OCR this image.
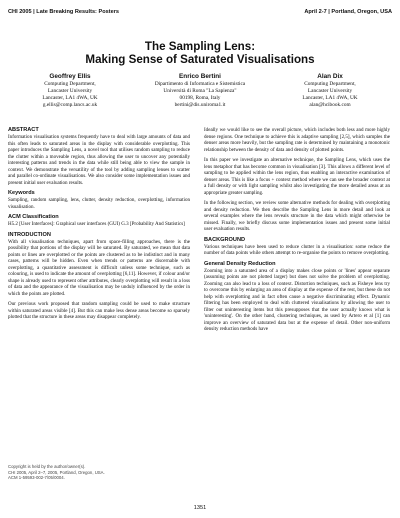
CHI 2005 | Late Breaking Results: Posters	April 2-7 | Portland, Oregon, USA
The Sampling Lens:
Making Sense of Saturated Visualisations
Geoffrey Ellis
Computing Department,
Lancaster University
Lancaster, LA1 4WA, UK
g.ellis@comp.lancs.ac.uk
Enrico Bertini
Dipartimento di Informatica e Sistemistica
Università di Roma "La Sapienza"
00198, Roma, Italy
bertini@dis.uniroma1.it
Alan Dix
Computing Department,
Lancaster University
Lancaster, LA1 4WA, UK
alan@hcibook.com
ABSTRACT
Information visualisation systems frequently have to deal with large amounts of data and this often leads to saturated areas in the display with considerable overplotting. This paper introduces the Sampling Lens, a novel tool that utilises random sampling to reduce the clutter within a moveable region, thus allowing the user to uncover any potentially interesting patterns and trends in the data while still being able to view the sample in context. We demonstrate the versatility of the tool by adding sampling lenses to scatter and parallel co-ordinate visualisations. We also consider some implementation issues and present initial user evaluation results.
Keywords
Sampling, random sampling, lens, clutter, density reduction, overplotting, information visualisation.
ACM Classification
H5.2 [User Interfaces]: Graphical user interfaces (GUI) G.3 [Probability And Statistics]
INTRODUCTION
With all visualisation techniques, apart from space-filling approaches, there is the possibility that portions of the display will be saturated. By saturated, we mean that data points or lines are overplotted or the points are clustered as to be indistinct and in many cases, patterns will be hidden. Even when trends or patterns are discernable with overplotting, a quantitative assessment is difficult unless some technique, such as colouring, is used to indicate the amount of overplotting [6,11]. However, if colour and/or shape is already used to represent other attributes, clearly overplotting will result in a loss of data and the appearance of the visualisation may be unduly influenced by the order in which the points are plotted.
Our previous work proposed that random sampling could be used to make structure within saturated areas visible [4]. But this can make less dense areas become so sparsely plotted that the structure in these areas may disappear completely.
Copyright is held by the author/owner(s).
CHI 2005, April 2–7, 2005, Portland, Oregon, USA.
ACM 1-59593-002-7/05/0004.
Ideally we would like to see the overall picture, which includes both less and more highly dense regions. One technique to achieve this is adaptive sampling [2,5], which samples the denser areas more heavily, but the sampling rate is determined by maintaining a monotonic relationship between the density of data and density of plotted points.
In this paper we investigate an alternative technique, the Sampling Lens, which uses the lens metaphor that has become common in visualisation [3]. This allows a different level of sampling to be applied within the lens region, thus enabling an interactive examination of denser areas. This is like a focus + context method where we can see the broader context at a full density or with light sampling whilst also investigating the more detailed areas at an appropriate greater sampling.
In the following section, we review some alternative methods for dealing with overplotting and density reduction. We then describe the Sampling Lens in more detail and look at several examples where the lens reveals structure in the data which might otherwise be missed. Finally, we briefly discuss some implementation issues and present some initial user evaluation results.
BACKGROUND
Various techniques have been used to reduce clutter in a visualisation: some reduce the number of data points while others attempt to re-organise the points to remove overplotting.
General Density Reduction
Zooming into a saturated area of a display makes close points or 'lines' appear separate (assuming points are not plotted larger) but does not solve the problem of overplotting. Zooming can also lead to a loss of context. Distortion techniques, such as Fisheye lens try to overcome this by enlarging an area of display at the expense of the rest, but these do not help with overplotting and in fact often cause a negative discriminating effect. Dynamic filtering has been employed to deal with cluttered visualisations by allowing the user to filter out uninteresting items but this presupposes that the user actually knows what is 'uninteresting'. On the other hand, clustering techniques, as used by Artero et al [1] can improve an overview of saturated data but at the expense of detail. Other non-uniform density reduction methods have
1351
